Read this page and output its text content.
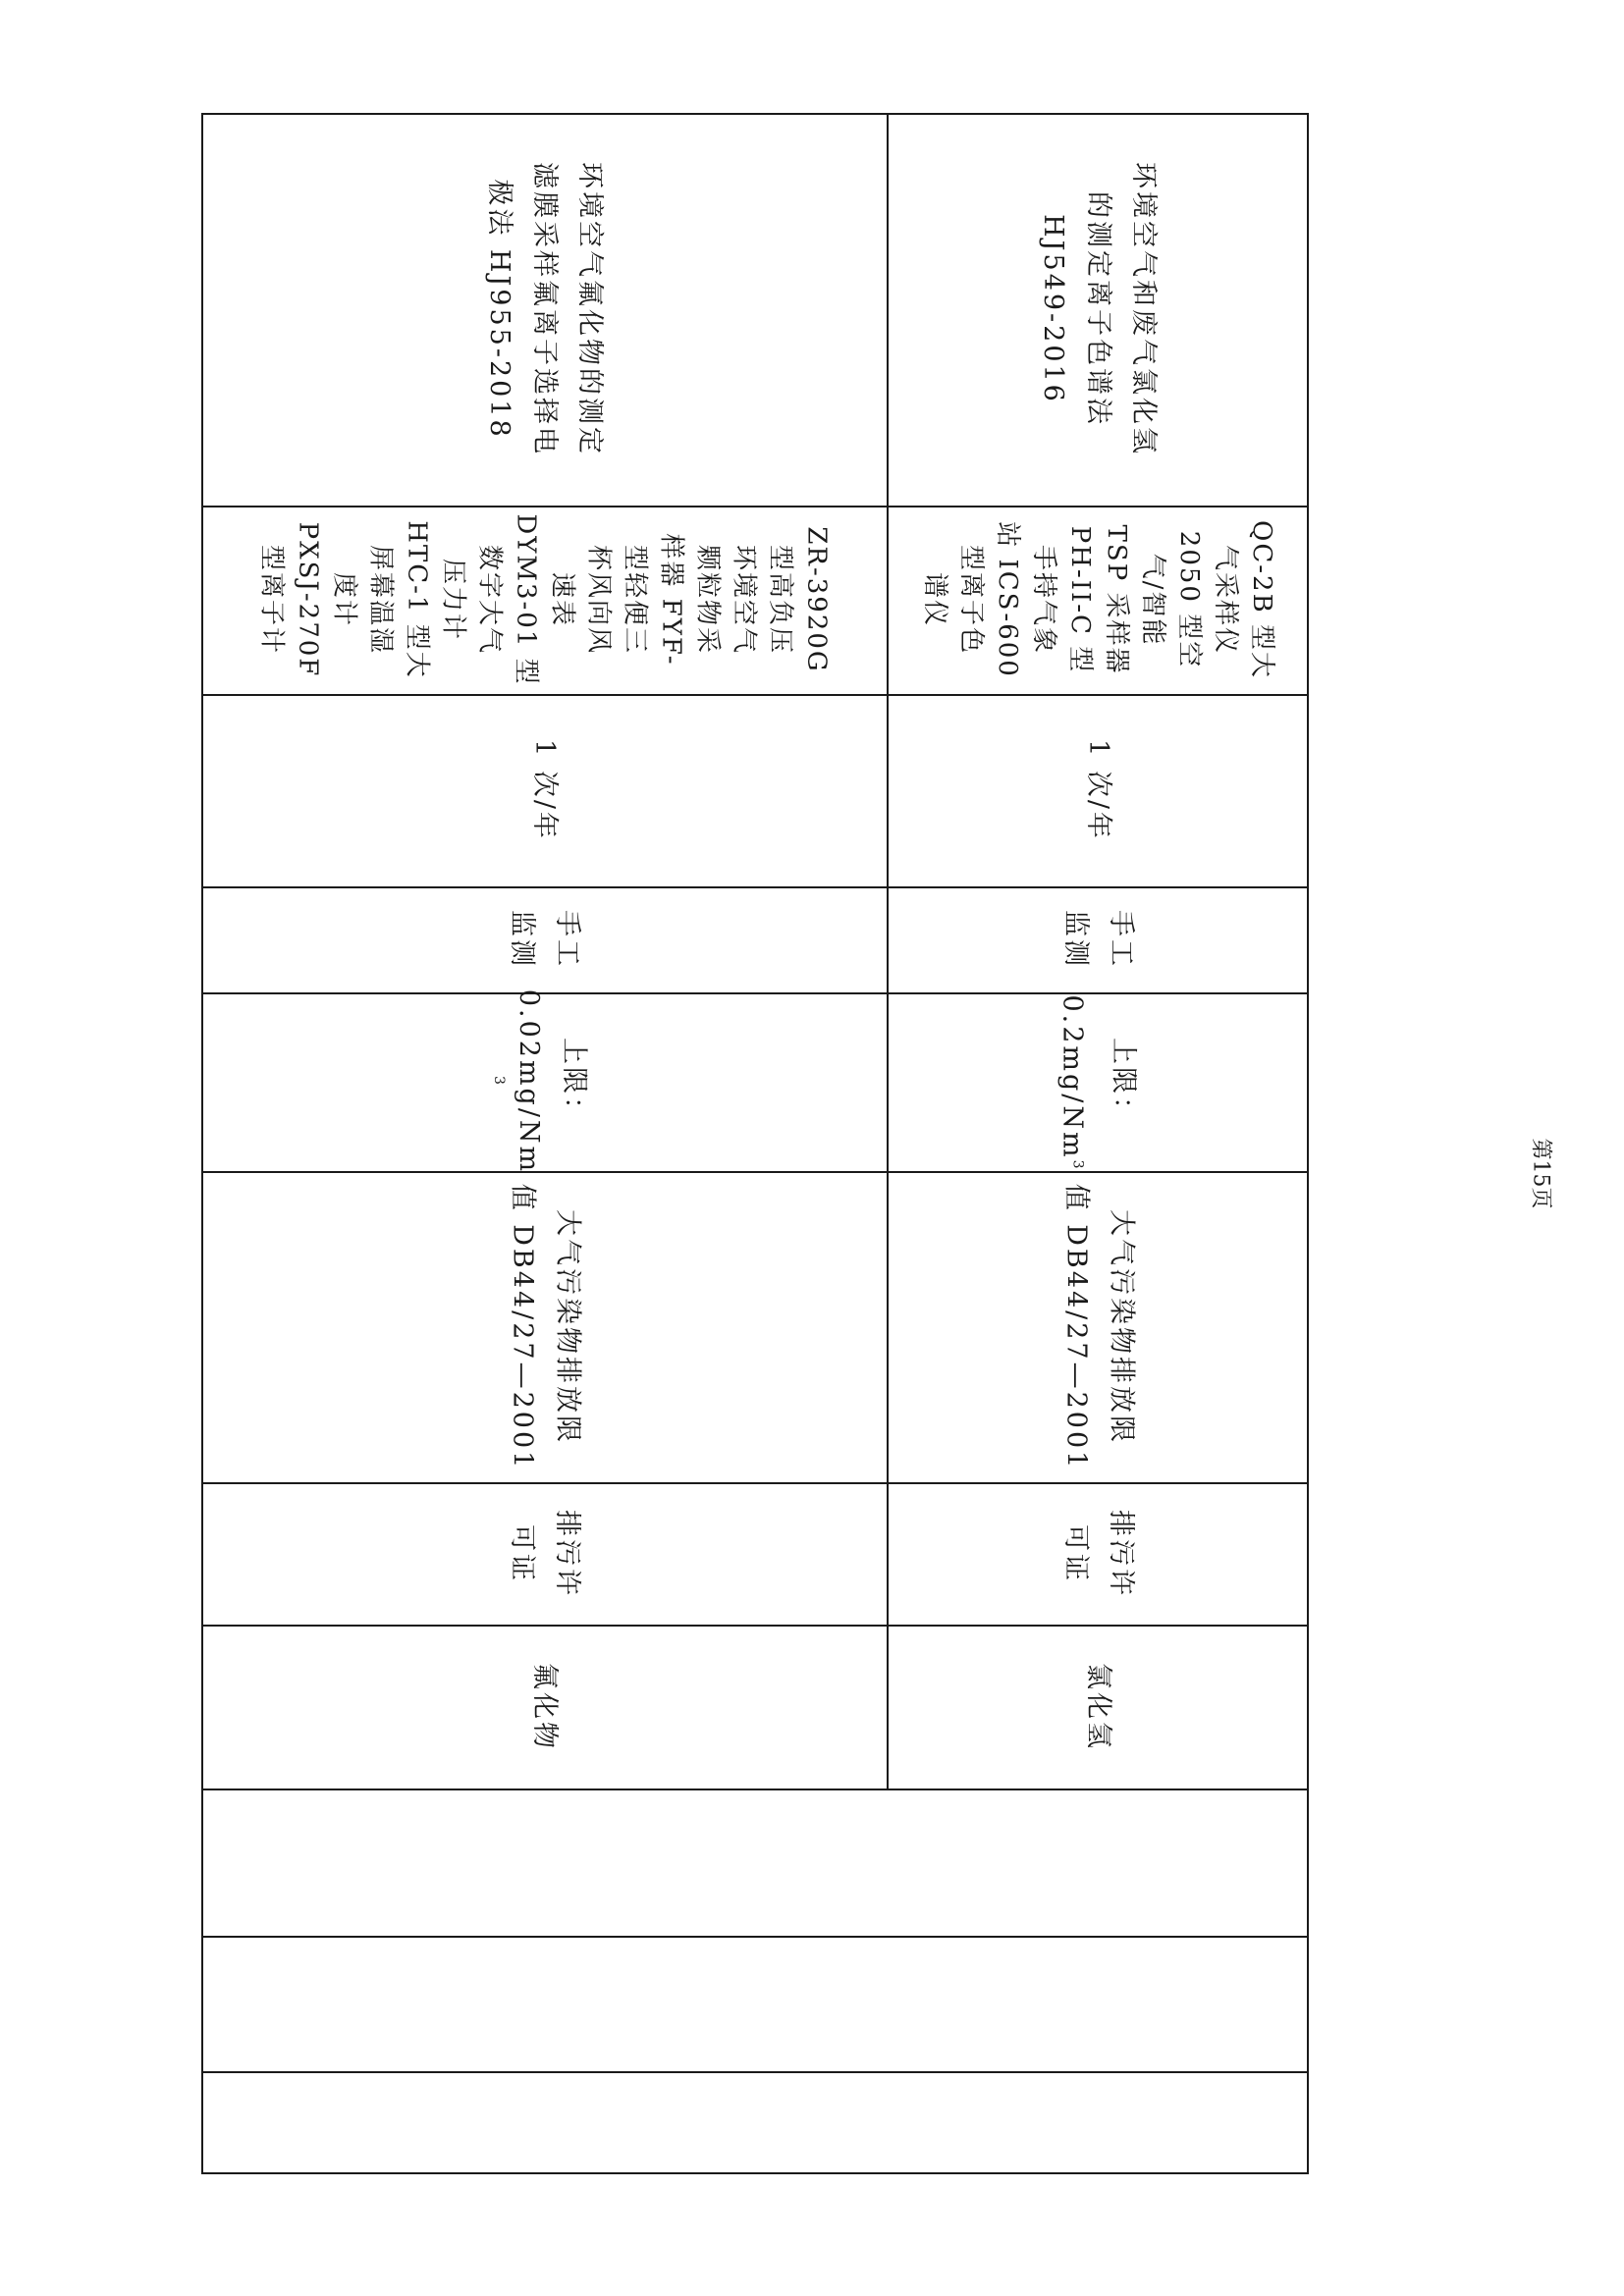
环境空气氟化物的测定
滤膜采样氟离子选择电
极法 HJ955-2018
ZR-3920G
型高负压
环境空气
颗粒物采
样器 FYF-
型轻便三
杯风向风
速表
DYM3-01 型
数字大气
压力计
HTC-1 型大
屏幕温湿
度计
PXSJ-270F
型离子计
1 次/年
手工
监测
上限：
0.02mg/Nm
3
大气污染物排放限
值 DB44/27—2001
排污许
可证
氟化物
环境空气和废气氯化氢
的测定离子色谱法
HJ549-2016
QC-2B 型大
气采样仪
2050 型空
气/智能
TSP 采样器
PH-II-C 型
手持气象
站 ICS-600
型离子色
谱仪
1 次/年
手工
监测
上限：
0.2mg/Nm$^3$
大气污染物排放限
值 DB44/27—2001
排污许
可证
氯化氢
第15页
